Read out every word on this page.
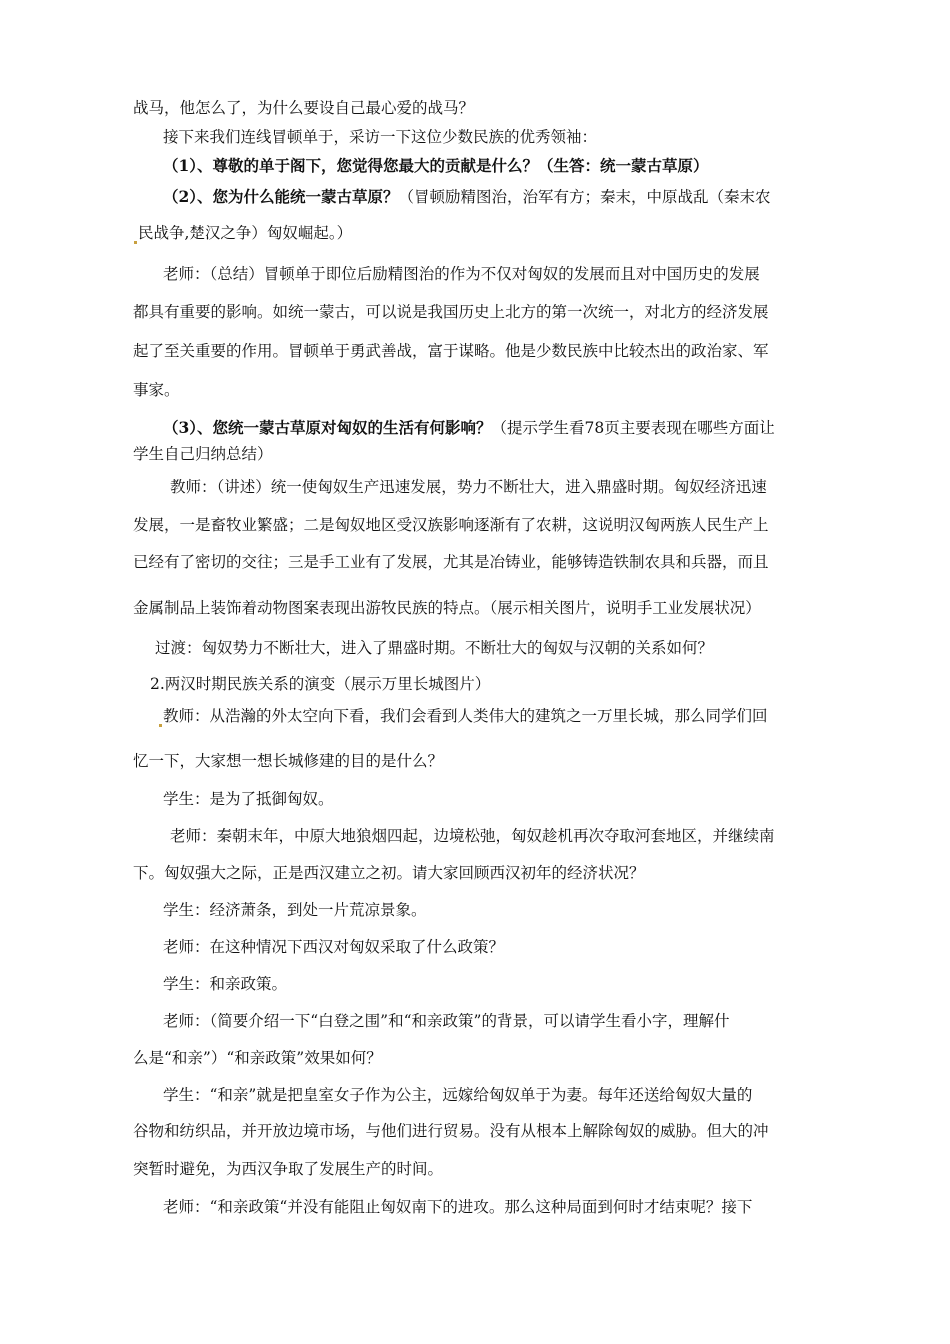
战马，他怎么了，为什么要设自己最心爱的战马？
接下来我们连线冒顿单于，采访一下这位少数民族的优秀领袖：
（1）、尊敬的单于阁下，您觉得您最大的贡献是什么？（生答：统一蒙古草原）
（2）、您为什么能统一蒙古草原？（冒顿励精图治，治军有方；秦末，中原战乱（秦末农
民战争,楚汉之争）匈奴崛起。）
老师：（总结）冒顿单于即位后励精图治的作为不仅对匈奴的发展而且对中国历史的发展
都具有重要的影响。如统一蒙古，可以说是我国历史上北方的第一次统一，对北方的经济发展
起了至关重要的作用。冒顿单于勇武善战，富于谋略。他是少数民族中比较杰出的政治家、军
事家。
（3）、您统一蒙古草原对匈奴的生活有何影响？（提示学生看78页主要表现在哪些方面让
学生自己归纳总结）
教师：（讲述）统一使匈奴生产迅速发展，势力不断壮大，进入鼎盛时期。匈奴经济迅速
发展，一是畜牧业繁盛；二是匈奴地区受汉族影响逐渐有了农耕，这说明汉匈两族人民生产上
已经有了密切的交往；三是手工业有了发展，尤其是冶铸业，能够铸造铁制农具和兵器，而且
金属制品上装饰着动物图案表现出游牧民族的特点。（展示相关图片，说明手工业发展状况）
过渡：匈奴势力不断壮大，进入了鼎盛时期。不断壮大的匈奴与汉朝的关系如何？
2.两汉时期民族关系的演变（展示万里长城图片）
教师：从浩瀚的外太空向下看，我们会看到人类伟大的建筑之一万里长城，那么同学们回
忆一下，大家想一想长城修建的目的是什么？
学生：是为了抵御匈奴。
老师：秦朝末年，中原大地狼烟四起，边境松弛，匈奴趁机再次夺取河套地区，并继续南
下。匈奴强大之际，正是西汉建立之初。请大家回顾西汉初年的经济状况？
学生：经济萧条，到处一片荒凉景象。
老师：在这种情况下西汉对匈奴采取了什么政策？
学生：和亲政策。
老师：（简要介绍一下“白登之围”和“和亲政策”的背景，可以请学生看小字，理解什
么是“和亲”）“和亲政策”效果如何？
学生：“和亲”就是把皇室女子作为公主，远嫁给匈奴单于为妻。每年还送给匈奴大量的
谷物和纺织品，并开放边境市场，与他们进行贸易。没有从根本上解除匈奴的威胁。但大的冲
突暂时避免，为西汉争取了发展生产的时间。
老师：“和亲政策“并没有能阻止匈奴南下的进攻。那么这种局面到何时才结束呢？接下
